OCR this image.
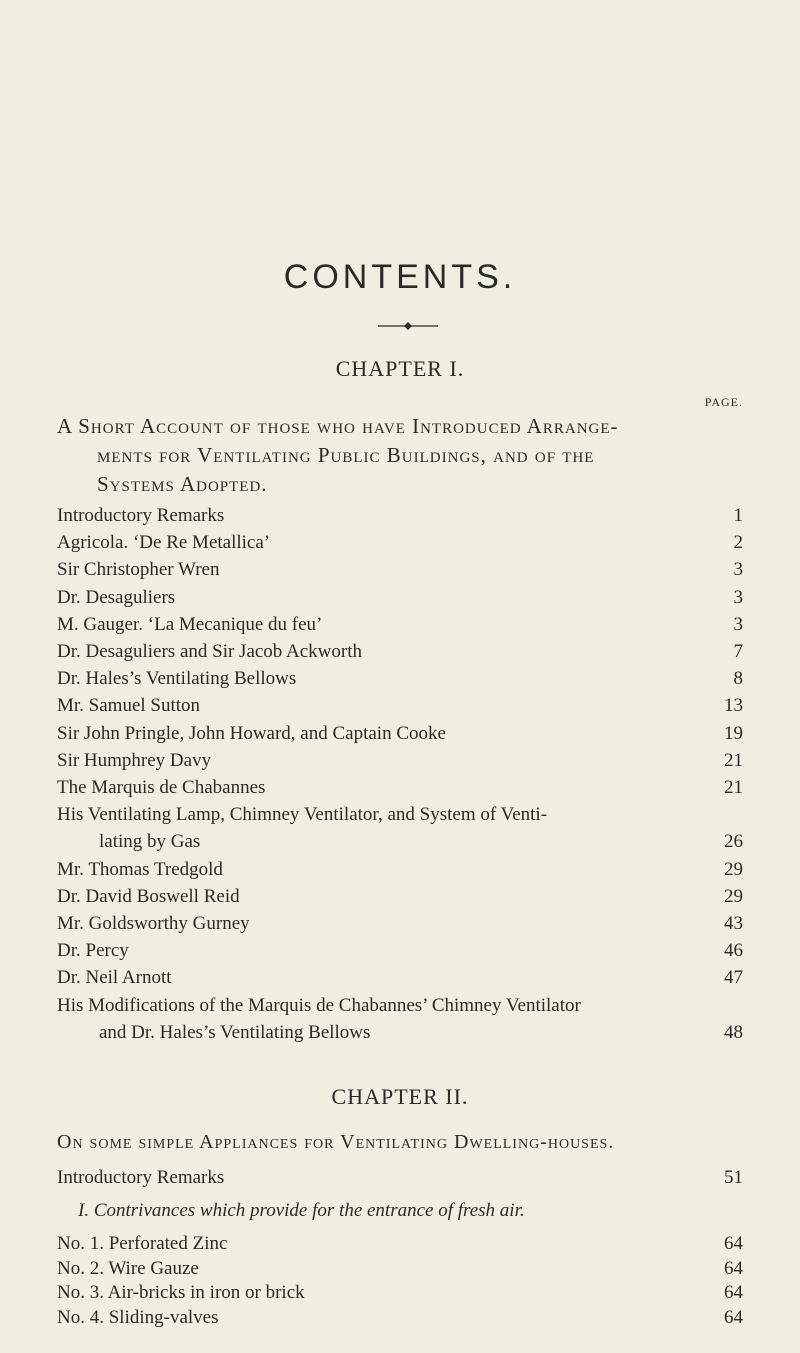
CONTENTS.
CHAPTER I.
PAGE.
A Short Account of those who have Introduced Arrange-
ments for Ventilating Public Buildings, and of the
Systems Adopted.
Introductory Remarks	1
Agricola. ‘De Re Metallica’	2
Sir Christopher Wren	3
Dr. Desaguliers	3
M. Gauger. ‘La Mecanique du feu’	3
Dr. Desaguliers and Sir Jacob Ackworth	7
Dr. Hales’s Ventilating Bellows	8
Mr. Samuel Sutton	13
Sir John Pringle, John Howard, and Captain Cooke	19
Sir Humphrey Davy	21
The Marquis de Chabannes	21
His Ventilating Lamp, Chimney Ventilator, and System of Venti-
lating by Gas	26
Mr. Thomas Tredgold	29
Dr. David Boswell Reid	29
Mr. Goldsworthy Gurney	43
Dr. Percy	46
Dr. Neil Arnott	47
His Modifications of the Marquis de Chabannes’ Chimney Ventilator
and Dr. Hales’s Ventilating Bellows	48
CHAPTER II.
On some simple Appliances for Ventilating Dwelling-houses.
Introductory Remarks	51
I. Contrivances which provide for the entrance of fresh air.
No. 1. Perforated Zinc	64
No. 2. Wire Gauze	64
No. 3. Air-bricks in iron or brick	64
No. 4. Sliding-valves	64
